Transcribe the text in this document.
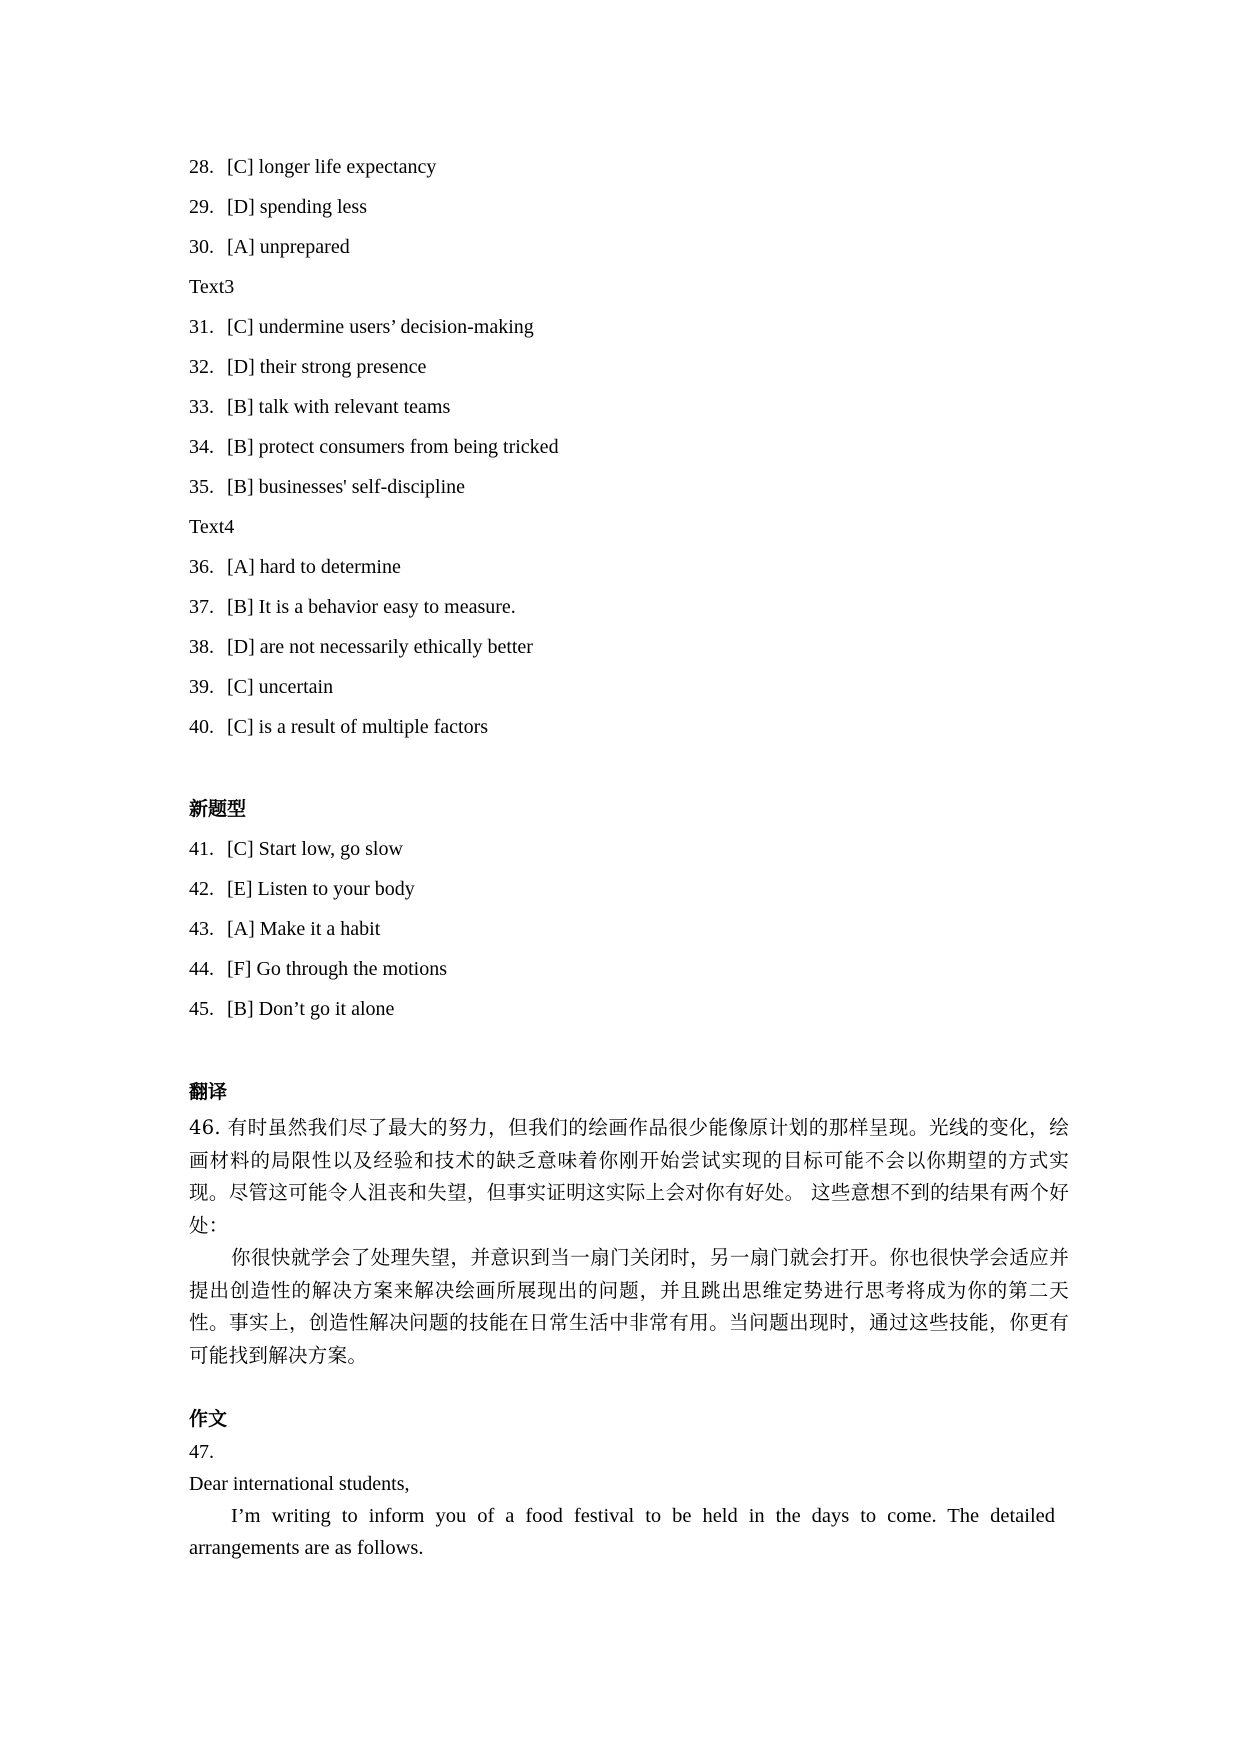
28. [C] longer life expectancy
29. [D] spending less
30. [A] unprepared
Text3
31. [C] undermine users’ decision-making
32. [D] their strong presence
33. [B] talk with relevant teams
34. [B] protect consumers from being tricked
35. [B] businesses' self-discipline
Text4
36. [A] hard to determine
37. [B] It is a behavior easy to measure.
38. [D] are not necessarily ethically better
39. [C] uncertain
40. [C] is a result of multiple factors
新题型
41. [C] Start low, go slow
42. [E] Listen to your body
43. [A] Make it a habit
44. [F] Go through the motions
45. [B] Don’t go it alone
翻译
46. 有时虽然我们尽了最大的努力，但我们的绘画作品很少能像原计划的那样呈现。光线的变化，绘画材料的局限性以及经验和技术的缺乏意味着你刚开始尝试实现的目标可能不会以你期望的方式实现。尽管这可能令人沮丧和失望，但事实证明这实际上会对你有好处。 这些意想不到的结果有两个好处：
你很快就学会了处理失望，并意识到当一扇门关闭时，另一扇门就会打开。你也很快学会适应并提出创造性的解决方案来解决绘画所展现出的问题，并且跳出思维定势进行思考将成为你的第二天性。事实上，创造性解决问题的技能在日常生活中非常有用。当问题出现时，通过这些技能，你更有可能找到解决方案。
作文
47.
Dear international students,
I’m writing to inform you of a food festival to be held in the days to come. The detailed arrangements are as follows.
